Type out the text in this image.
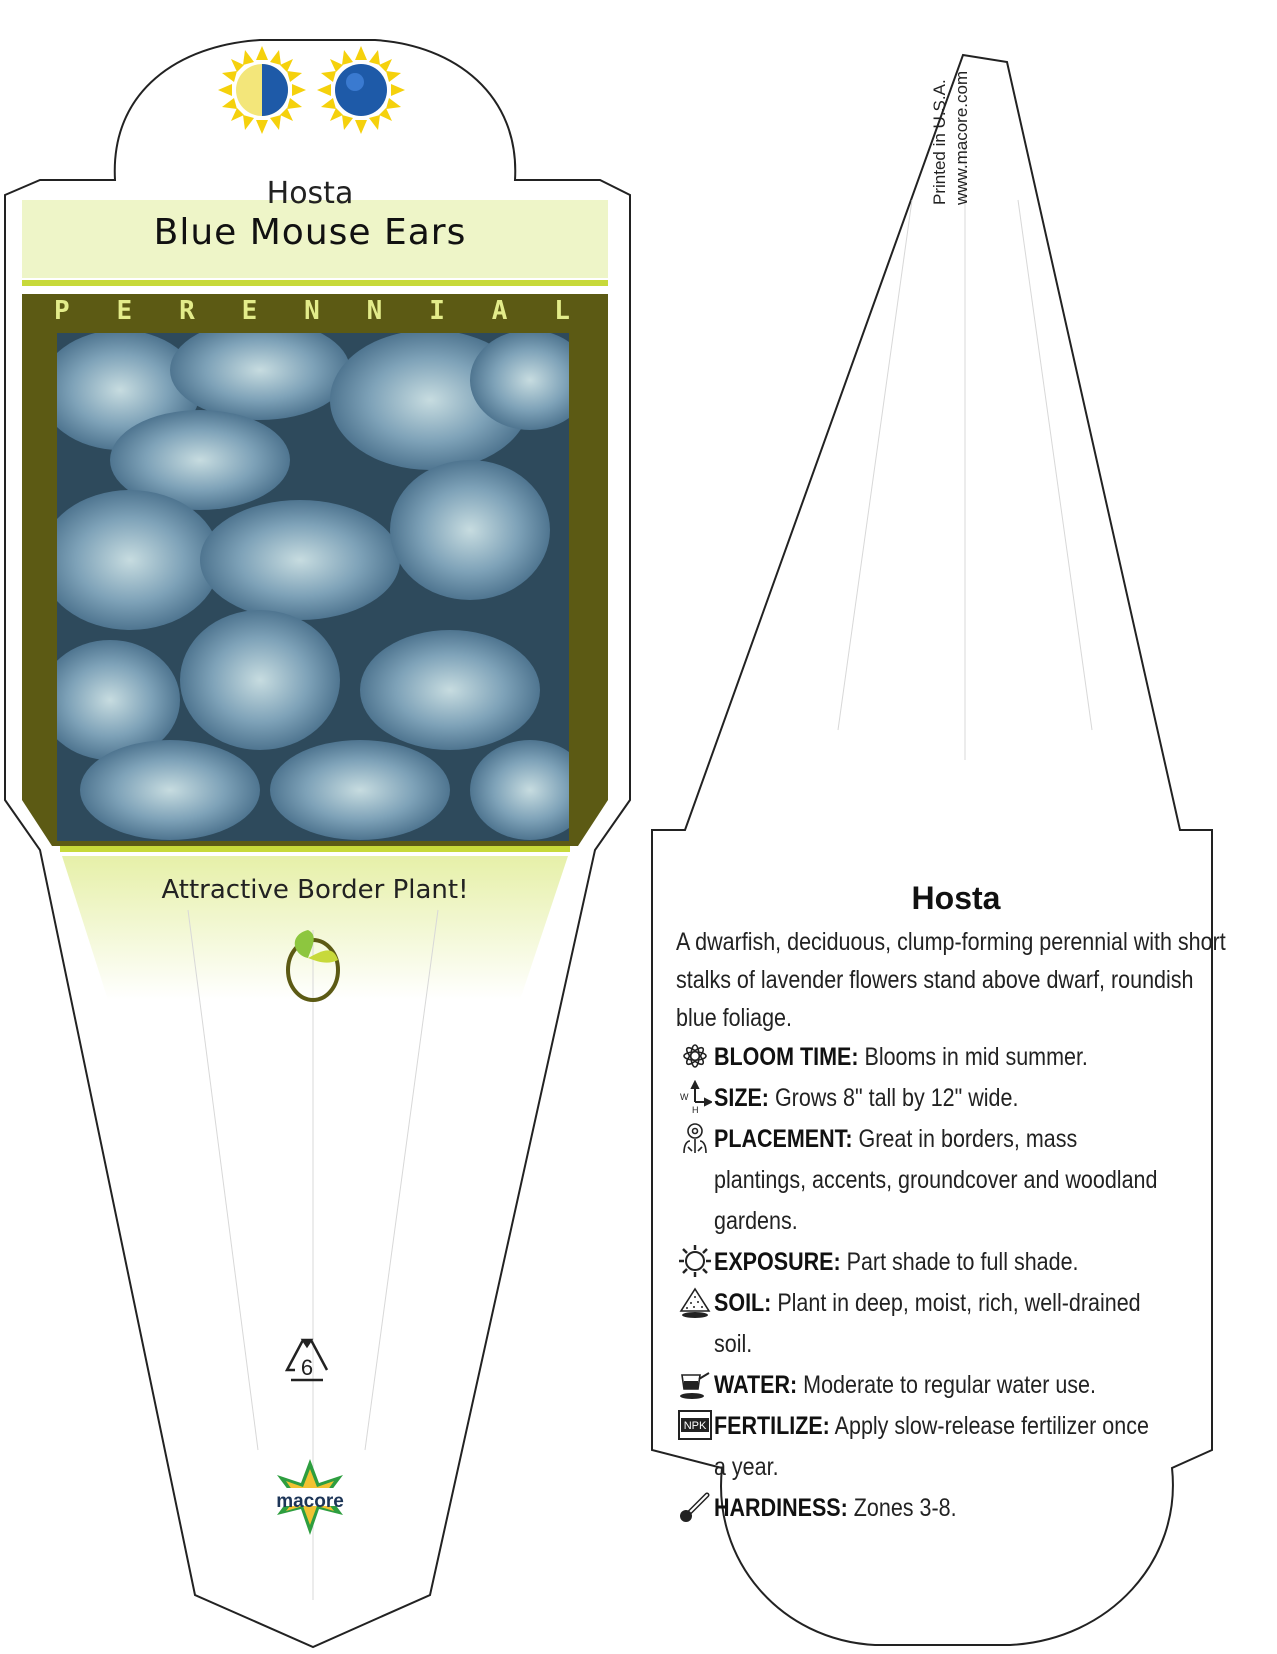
Hosta
Blue Mouse Ears
P E R E N N I A L
Attractive Border Plant!
6
macore
Printed in U.S.A. www.macore.com
Hosta

A dwarfish, deciduous, clump-forming perennial with short stalks of lavender flowers stand above dwarf, roundish blue foliage.

BLOOM TIME: Blooms in mid summer.
W
H SIZE: Grows 8" tall by 12" wide.
PLACEMENT: Great in borders, mass plantings, accents, groundcover and woodland gardens.
EXPOSURE: Part shade to full shade.
SOIL: Plant in deep, moist, rich, well-drained soil.
WATER: Moderate to regular water use.
NPK FERTILIZE: Apply slow-release fertilizer once a year.
HARDINESS: Zones 3-8.
